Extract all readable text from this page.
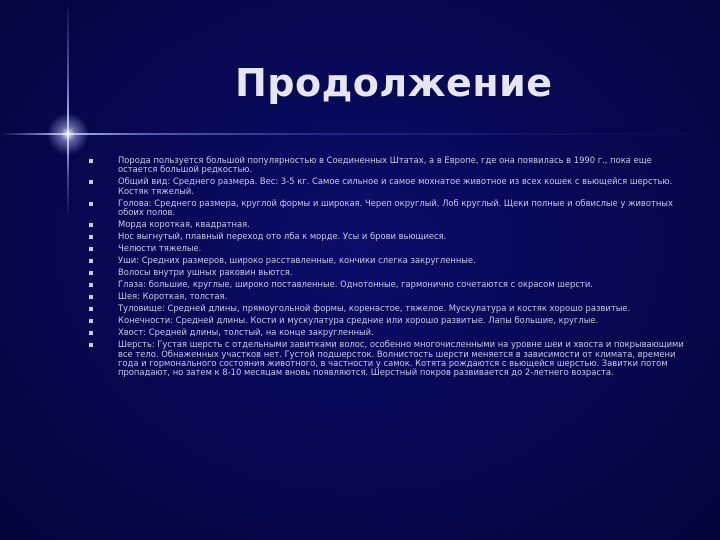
Продолжение
Порода пользуется большой популярностью в Соединенных Штатах, а в Европе, где она появилась в 1990 г., пока еще остается большой редкостью.
Общий вид: Среднего размера. Вес: 3-5 кг. Самое сильное и самое мохнатое животное из всех кошек с вьющейся шерстью. Костяк тяжелый.
Голова: Среднего размера, круглой формы и широкая. Череп округлый. Лоб круглый. Щеки полные и обвислые у животных обоих полов.
Морда короткая, квадратная.
Нос выгнутый, плавный переход ото лба к морде. Усы и брови вьющиеся.
Челюсти тяжелые.
Уши: Средних размеров, широко расставленные, кончики слегка закругленные.
Волосы внутри ушных раковин вьются.
Глаза: большие, круглые, широко поставленные. Однотонные, гармонично сочетаются с окрасом шерсти.
Шея: Короткая, толстая.
Туловище: Средней длины, прямоугольной формы, коренастое, тяжелое. Мускулатура и костяк хорошо развитые.
Конечности: Средней длины. Кости и мускулатура средние или хорошо развитые. Лапы большие, круглые.
Хвост: Средней длины, толстый, на конце закругленный.
Шерсть: Густая шерсть с отдельными завитками волос, особенно многочисленными на уровне шеи и хвоста и покрывающими все тело. Обнаженных участков нет. Густой подшерсток. Волнистость шерсти меняется в зависимости от климата, времени года и гормонального состояния животного, в частности у самок. Котята рождаются с вьющейся шерстью. Завитки потом пропадают, но затем к 8-10 месяцам вновь появляются. Шерстный покров развивается до 2-летнего возраста.
